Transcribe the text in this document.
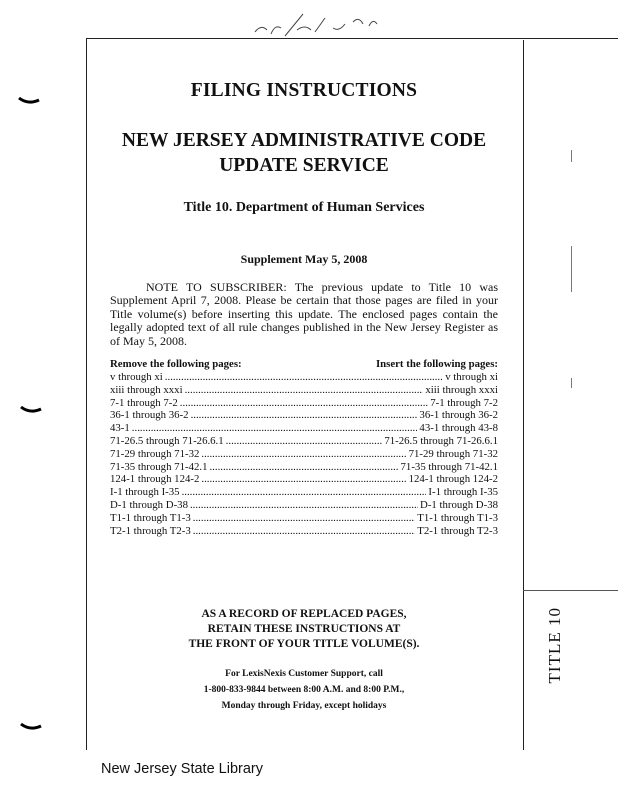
TITLE 10
FILING INSTRUCTIONS
NEW JERSEY ADMINISTRATIVE CODE
UPDATE SERVICE
Title 10. Department of Human Services
Supplement May 5, 2008
NOTE TO SUBSCRIBER: The previous update to Title 10 was Supplement April 7, 2008. Please be certain that those pages are filed in your Title volume(s) before inserting this update. The enclosed pages contain the legally adopted text of all rule changes published in the New Jersey Register as of May 5, 2008.
Remove the following pages:	Insert the following pages:
v through xi .....	v through xi
xiii through xxxi .....	xiii through xxxi
7-1 through 7-2 .....	7-1 through 7-2
36-1 through 36-2 .....	36-1 through 36-2
43-1 .....	43-1 through 43-8
71-26.5 through 71-26.6.1 .....	71-26.5 through 71-26.6.1
71-29 through 71-32 .....	71-29 through 71-32
71-35 through 71-42.1 .....	71-35 through 71-42.1
124-1 through 124-2 .....	124-1 through 124-2
I-1 through I-35 .....	I-1 through I-35
D-1 through D-38 .....	D-1 through D-38
T1-1 through T1-3 .....	T1-1 through T1-3
T2-1 through T2-3 .....	T2-1 through T2-3
AS A RECORD OF REPLACED PAGES,
RETAIN THESE INSTRUCTIONS AT
THE FRONT OF YOUR TITLE VOLUME(S).
For LexisNexis Customer Support, call
1-800-833-9844 between 8:00 A.M. and 8:00 P.M.,
Monday through Friday, except holidays
New Jersey State Library
